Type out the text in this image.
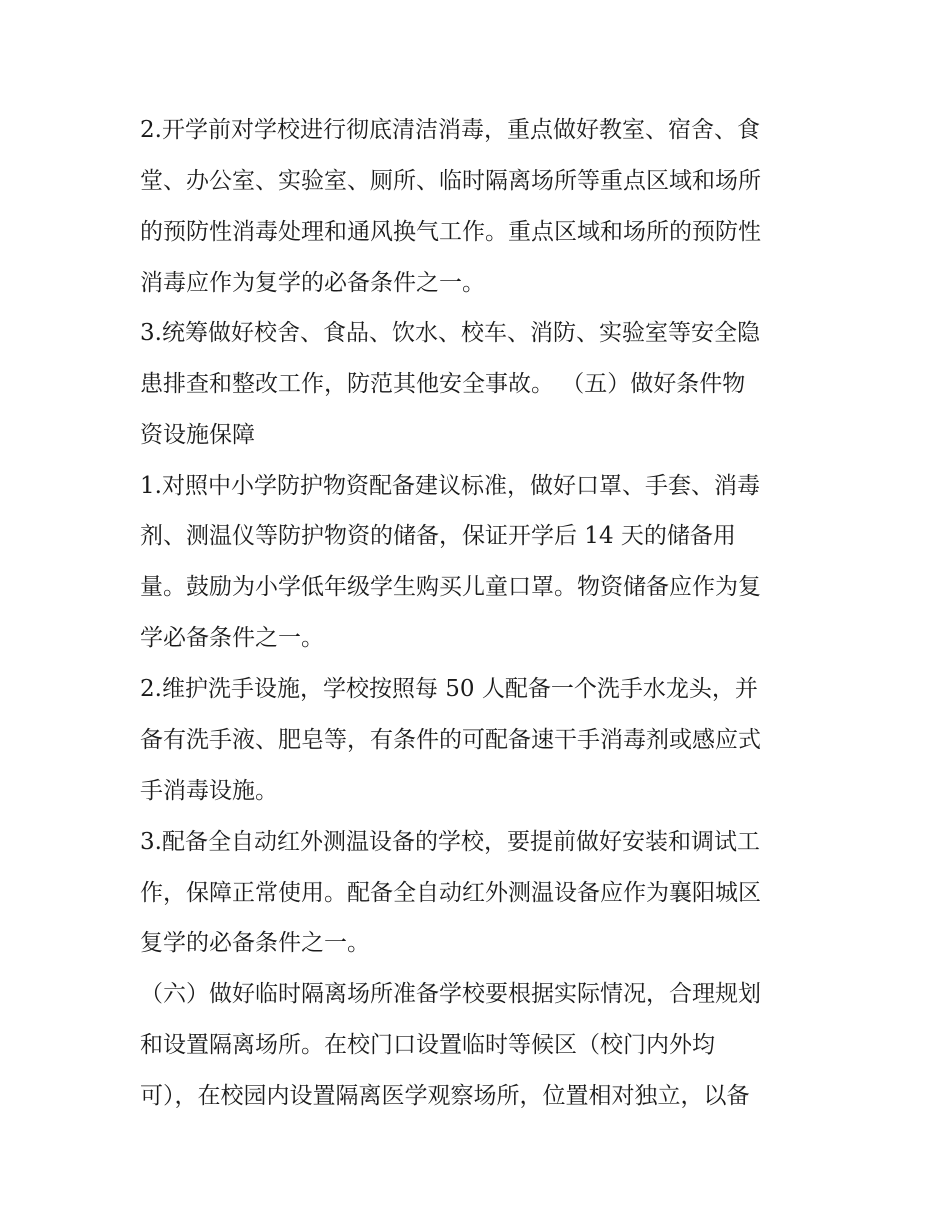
2.开学前对学校进行彻底清洁消毒，重点做好教室、宿舍、食
堂、办公室、实验室、厕所、临时隔离场所等重点区域和场所
的预防性消毒处理和通风换气工作。重点区域和场所的预防性
消毒应作为复学的必备条件之一。
3.统筹做好校舍、食品、饮水、校车、消防、实验室等安全隐
患排查和整改工作，防范其他安全事故。 （五）做好条件物
资设施保障
1.对照中小学防护物资配备建议标准，做好口罩、手套、消毒
剂、测温仪等防护物资的储备，保证开学后 14 天的储备用
量。鼓励为小学低年级学生购买儿童口罩。物资储备应作为复
学必备条件之一。
2.维护洗手设施，学校按照每 50 人配备一个洗手水龙头，并
备有洗手液、肥皂等，有条件的可配备速干手消毒剂或感应式
手消毒设施。
3.配备全自动红外测温设备的学校，要提前做好安装和调试工
作，保障正常使用。配备全自动红外测温设备应作为襄阳城区
复学的必备条件之一。
（六）做好临时隔离场所准备学校要根据实际情况，合理规划
和设置隔离场所。在校门口设置临时等候区（校门内外均
可），在校园内设置隔离医学观察场所，位置相对独立，以备
